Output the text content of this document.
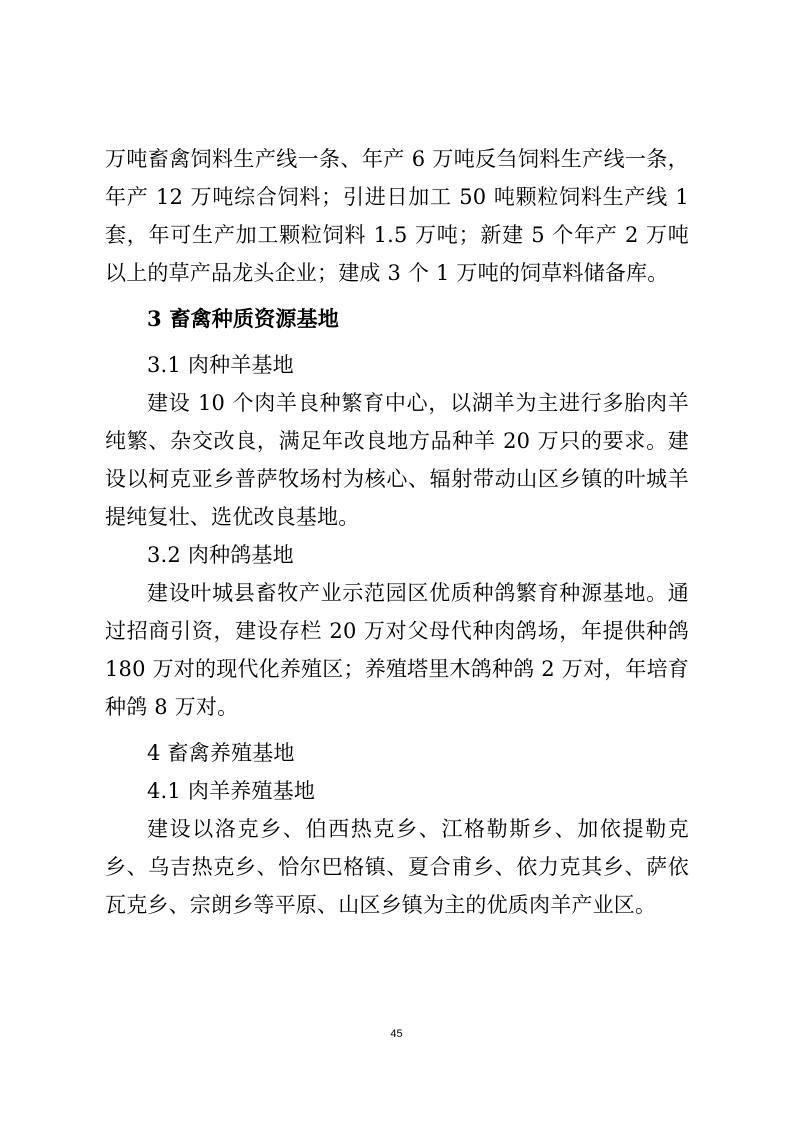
万吨畜禽饲料生产线一条、年产 6 万吨反刍饲料生产线一条，年产 12 万吨综合饲料；引进日加工 50 吨颗粒饲料生产线 1 套，年可生产加工颗粒饲料 1.5 万吨；新建 5 个年产 2 万吨以上的草产品龙头企业；建成 3 个 1 万吨的饲草料储备库。

3 畜禽种质资源基地

3.1 肉种羊基地

建设 10 个肉羊良种繁育中心，以湖羊为主进行多胎肉羊纯繁、杂交改良，满足年改良地方品种羊 20 万只的要求。建设以柯克亚乡普萨牧场村为核心、辐射带动山区乡镇的叶城羊提纯复壮、选优改良基地。

3.2 肉种鸽基地

建设叶城县畜牧产业示范园区优质种鸽繁育种源基地。通过招商引资，建设存栏 20 万对父母代种肉鸽场，年提供种鸽 180 万对的现代化养殖区；养殖塔里木鸽种鸽 2 万对，年培育种鸽 8 万对。

4 畜禽养殖基地

4.1 肉羊养殖基地

建设以洛克乡、伯西热克乡、江格勒斯乡、加依提勒克乡、乌吉热克乡、恰尔巴格镇、夏合甫乡、依力克其乡、萨依瓦克乡、宗朗乡等平原、山区乡镇为主的优质肉羊产业区。

45
